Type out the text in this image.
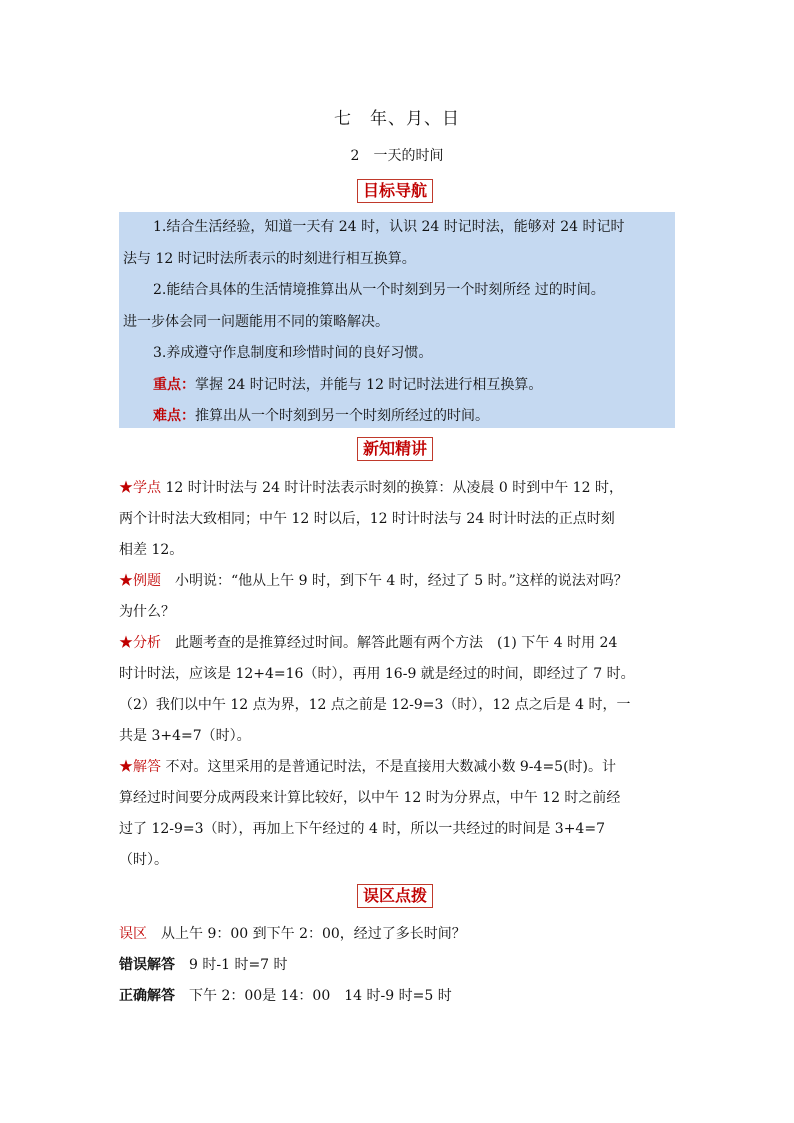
七　年、月、日
2　一天的时间
目标导航

1.结合生活经验，知道一天有 24 时，认识 24 时记时法，能够对 24 时记时

法与 12 时记时法所表示的时刻进行相互换算。

2.能结合具体的生活情境推算出从一个时刻到另一个时刻所经 过的时间。

进一步体会同一问题能用不同的策略解决。

3.养成遵守作息制度和珍惜时间的良好习惯。

重点：掌握 24 时记时法，并能与 12 时记时法进行相互换算。

难点：推算出从一个时刻到另一个时刻所经过的时间。

新知精讲

★学点 12 时计时法与 24 时计时法表示时刻的换算：从凌晨 0 时到中午 12 时，

两个计时法大致相同；中午 12 时以后，12 时计时法与 24 时计时法的正点时刻

相差 12。

★例题　小明说：“他从上午 9 时，到下午 4 时，经过了 5 时。”这样的说法对吗？

为什么？

★分析　此题考查的是推算经过时间。解答此题有两个方法　(1) 下午 4 时用 24

时计时法，应该是 12+4=16（时），再用 16-9 就是经过的时间，即经过了 7 时。

（2）我们以中午 12 点为界，12 点之前是 12-9=3（时），12 点之后是 4 时，一

共是 3+4=7（时）。

★解答 不对。这里采用的是普通记时法，不是直接用大数减小数 9-4=5(时)。计

算经过时间要分成两段来计算比较好，以中午 12 时为分界点，中午 12 时之前经

过了 12-9=3（时），再加上下午经过的 4 时，所以一共经过的时间是 3+4=7

（时）。

误区点拨

误区　从上午 9：00 到下午 2：00，经过了多长时间？

错误解答　9 时-1 时=7 时

正确解答　下午 2：00是 14：00　14 时-9 时=5 时
